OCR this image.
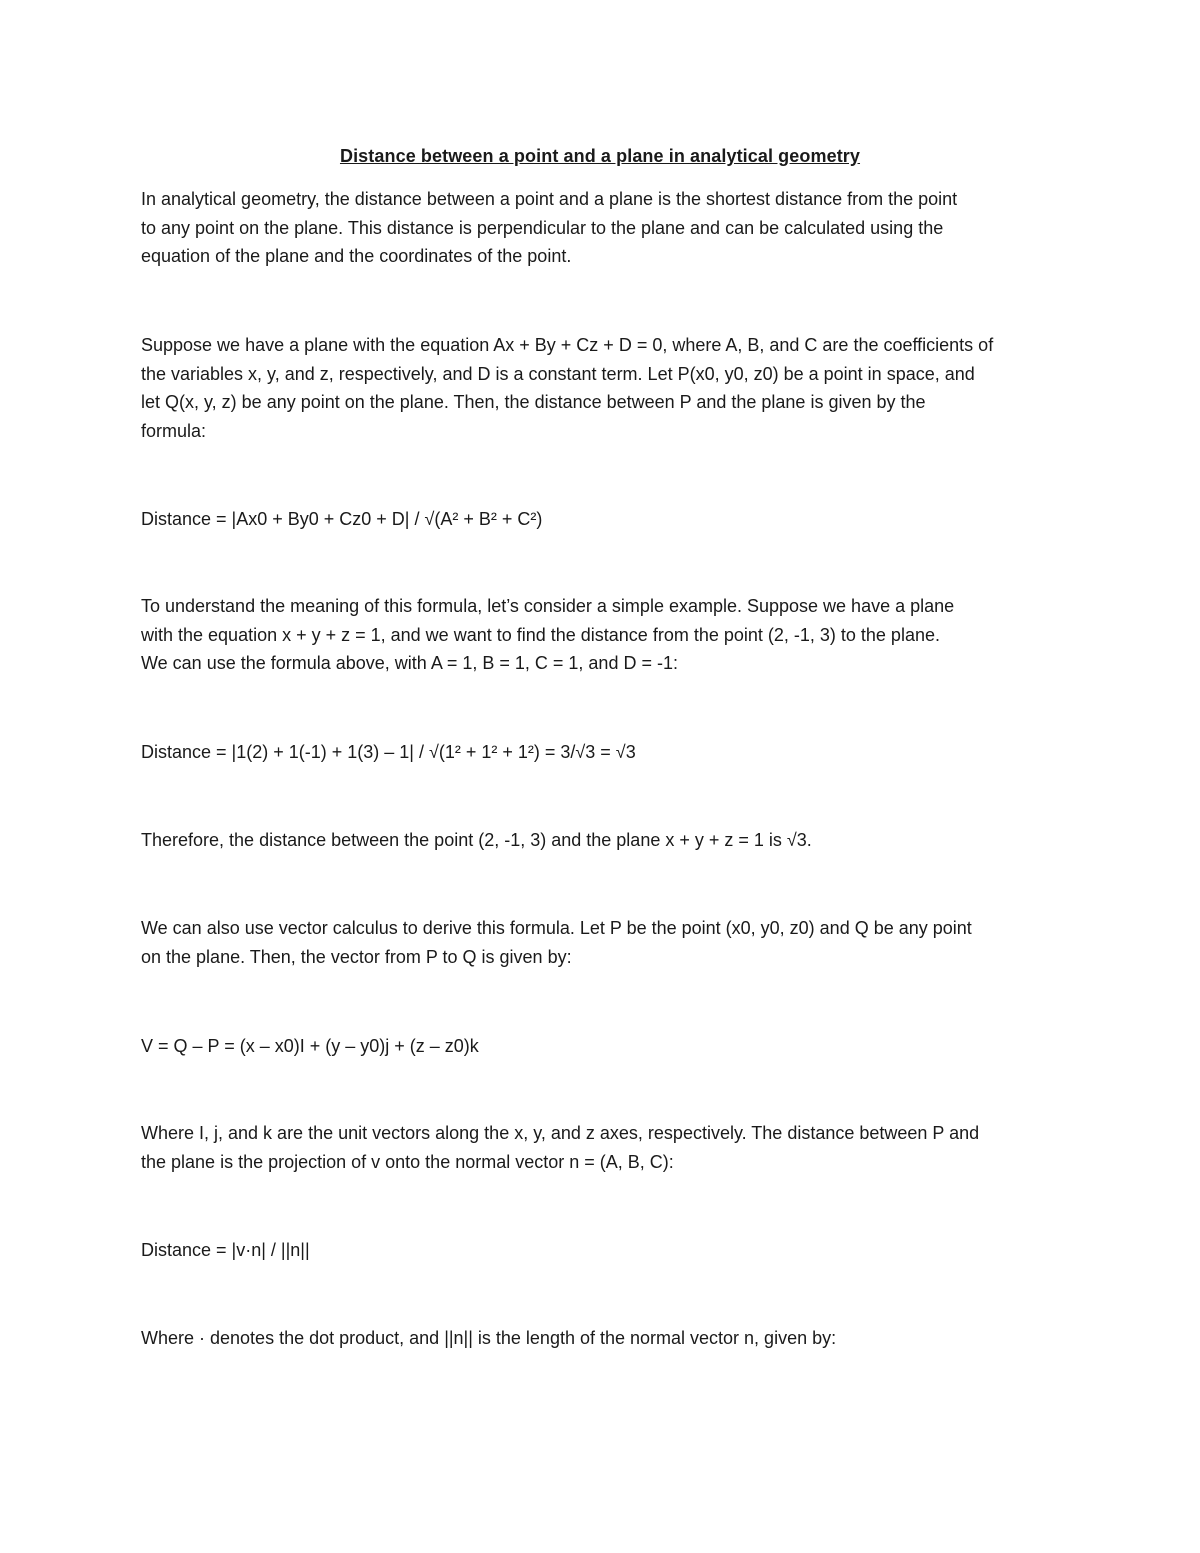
Distance between a point and a plane in analytical geometry

In analytical geometry, the distance between a point and a plane is the shortest distance from the point
to any point on the plane. This distance is perpendicular to the plane and can be calculated using the
equation of the plane and the coordinates of the point.

Suppose we have a plane with the equation Ax + By + Cz + D = 0, where A, B, and C are the coefficients of
the variables x, y, and z, respectively, and D is a constant term. Let P(x0, y0, z0) be a point in space, and
let Q(x, y, z) be any point on the plane. Then, the distance between P and the plane is given by the
formula:

Distance = |Ax0 + By0 + Cz0 + D| / √(A² + B² + C²)

To understand the meaning of this formula, let’s consider a simple example. Suppose we have a plane
with the equation x + y + z = 1, and we want to find the distance from the point (2, -1, 3) to the plane.
We can use the formula above, with A = 1, B = 1, C = 1, and D = -1:

Distance = |1(2) + 1(-1) + 1(3) – 1| / √(1² + 1² + 1²) = 3/√3 = √3

Therefore, the distance between the point (2, -1, 3) and the plane x + y + z = 1 is √3.

We can also use vector calculus to derive this formula. Let P be the point (x0, y0, z0) and Q be any point
on the plane. Then, the vector from P to Q is given by:

V = Q – P = (x – x0)I + (y – y0)j + (z – z0)k

Where I, j, and k are the unit vectors along the x, y, and z axes, respectively. The distance between P and
the plane is the projection of v onto the normal vector n = (A, B, C):

Distance = |v·n| / ||n||

Where · denotes the dot product, and ||n|| is the length of the normal vector n, given by:
